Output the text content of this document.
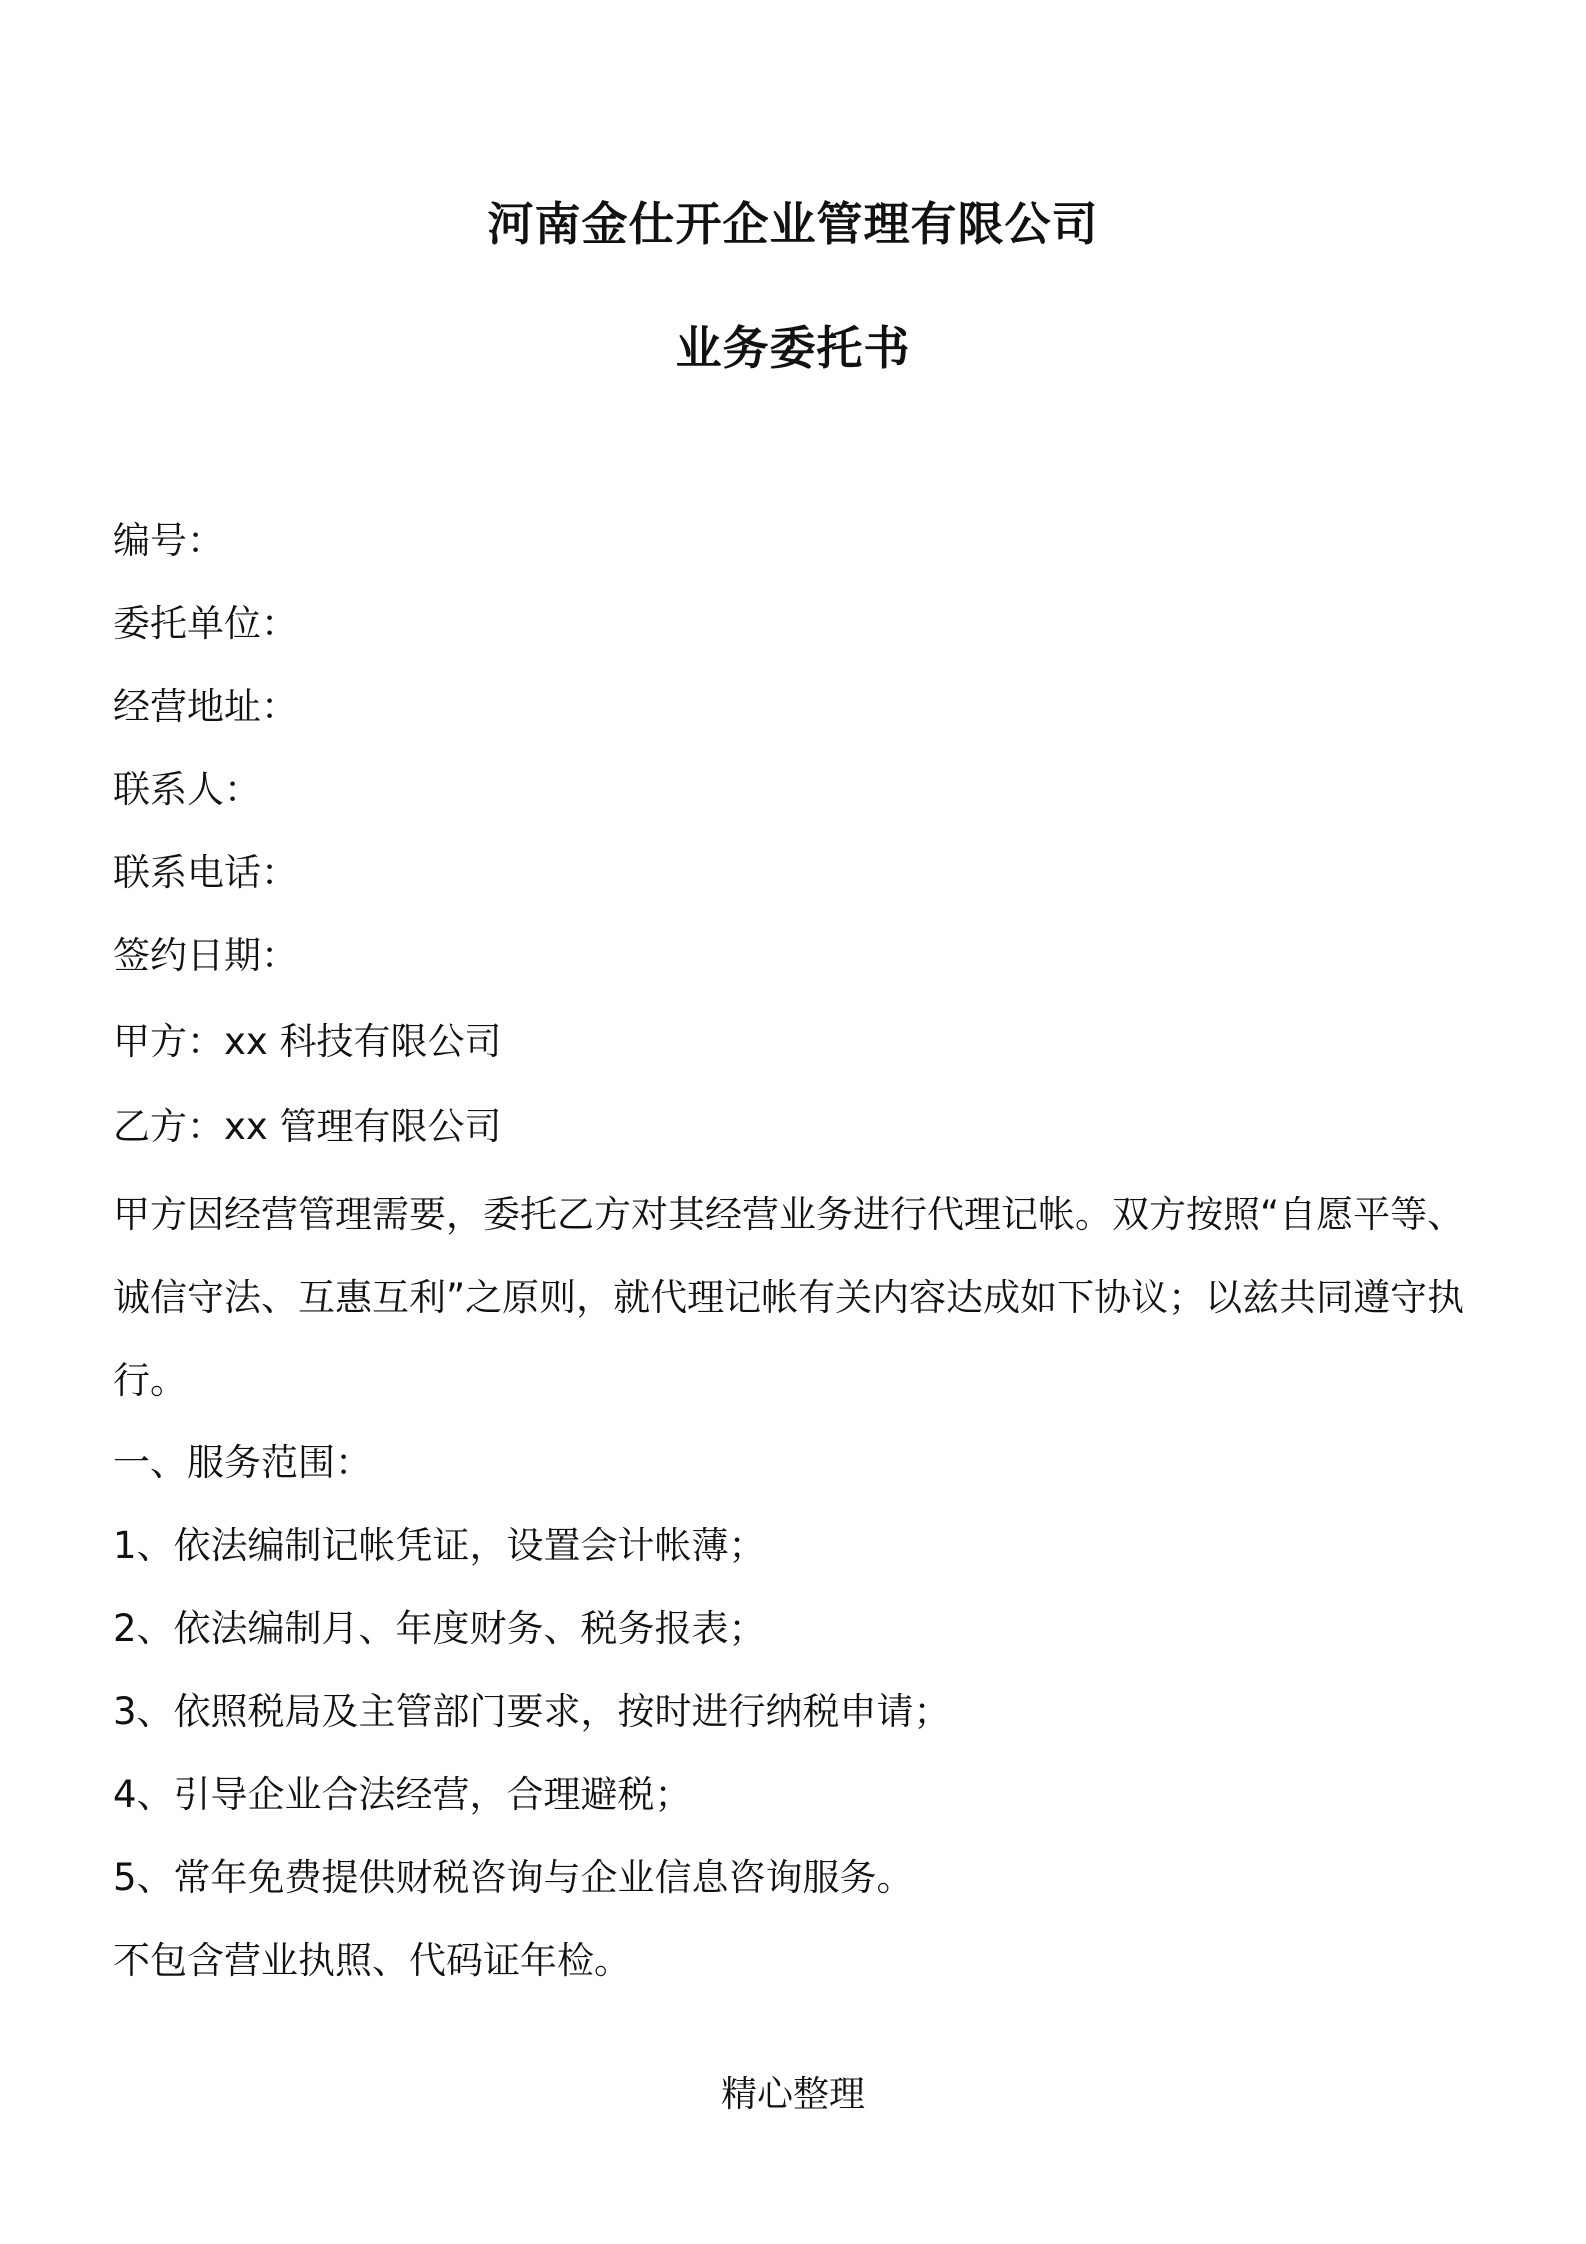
河南金仕开企业管理有限公司
业务委托书
编号：
委托单位：
经营地址：
联系人：
联系电话：
签约日期：
甲方：xx 科技有限公司
乙方：xx 管理有限公司
甲方因经营管理需要，委托乙方对其经营业务进行代理记帐。双方按照“自愿平等、诚信守法、互惠互利”之原则，就代理记帐有关内容达成如下协议；以兹共同遵守执行。
一、服务范围：
1、依法编制记帐凭证，设置会计帐薄；
2、依法编制月、年度财务、税务报表；
3、依照税局及主管部门要求，按时进行纳税申请；
4、引导企业合法经营，合理避税；
5、常年免费提供财税咨询与企业信息咨询服务。
不包含营业执照、代码证年检。
精心整理
